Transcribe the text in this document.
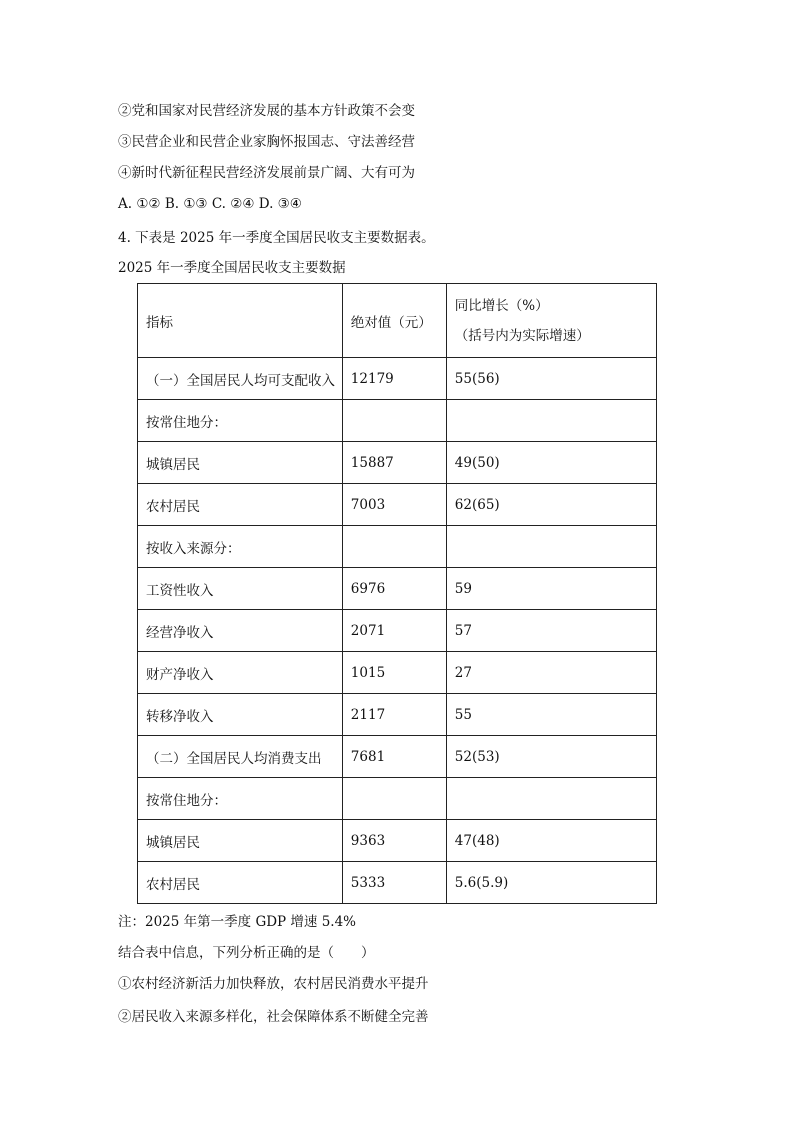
②党和国家对民营经济发展的基本方针政策不会变
③民营企业和民营企业家胸怀报国志、守法善经营
④新时代新征程民营经济发展前景广阔、大有可为
A. ①② B. ①③ C. ②④ D. ③④
4. 下表是 2025 年一季度全国居民收支主要数据表。
2025 年一季度全国居民收支主要数据
指标	绝对值（元）	同比增长（%）
（括号内为实际增速）

（一）全国居民人均可支配收入	12179	55(56)
按常住地分：		
城镇居民	15887	49(50)
农村居民	7003	62(65)
按收入来源分：		
工资性收入	6976	59
经营净收入	2071	57
财产净收入	1015	27
转移净收入	2117	55
（二）全国居民人均消费支出	7681	52(53)
按常住地分：		
城镇居民	9363	47(48)
农村居民	5333	5.6(5.9)
注：2025 年第一季度 GDP 增速 5.4%
结合表中信息，下列分析正确的是（　　）
①农村经济新活力加快释放，农村居民消费水平提升
②居民收入来源多样化，社会保障体系不断健全完善
